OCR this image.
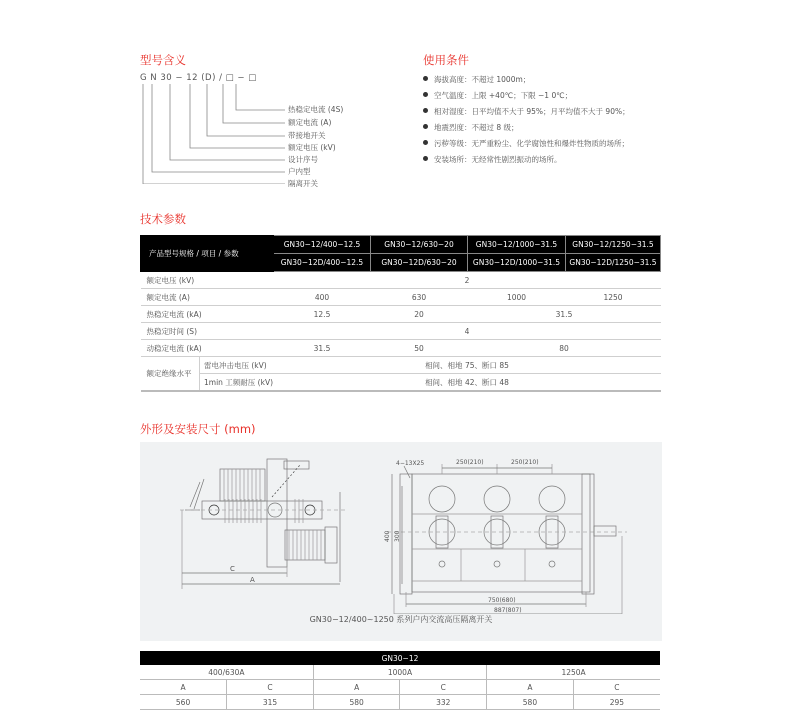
型号含义
G N 30 − 12 (D) / □ − □
热稳定电流 (4S)
额定电流 (A)
带接地开关
额定电压 (kV)
设计序号
户内型
隔离开关
使用条件
海拔高度：不超过 1000m；
空气温度：上限 +40℃；下限 −1 0℃；
相对湿度：日平均值不大于 95%；月平均值不大于 90%；
地震烈度：不超过 8 级；
污秽等级：无严重粉尘、化学腐蚀性和爆炸性物质的场所；
安装场所：无经常性剧烈振动的场所。
技术参数
产品型号规格 / 项目 / 参数		GN30−12/400−12.5	GN30−12/630−20	GN30−12/1000−31.5	GN30−12/1250−31.5
		GN30−12D/400−12.5	GN30−12D/630−20	GN30−12D/1000−31.5	GN30−12D/1250−31.5
额定电压 (kV)		2			
额定电流 (A)		400	630	1000	1250
热稳定电流 (kA)		12.5	20	31.5	
热稳定时间 (S)		4			
动稳定电流 (kA)		31.5	50	80	
额定绝缘水平	雷电冲击电压 (kV)	相间、相地 75、断口 85			
	1min 工频耐压 (kV)	相间、相地 42、断口 48			
外形及安装尺寸 (mm)
C
A
4−13X25	250(210)	250(210)
750(680)
887(807)
400 300
GN30−12/400~1250 系列户内交流高压隔离开关
GN30−12					
400/630A		1000A		1250A	
A	C	A	C	A	C
560	315	580	332	580	295
